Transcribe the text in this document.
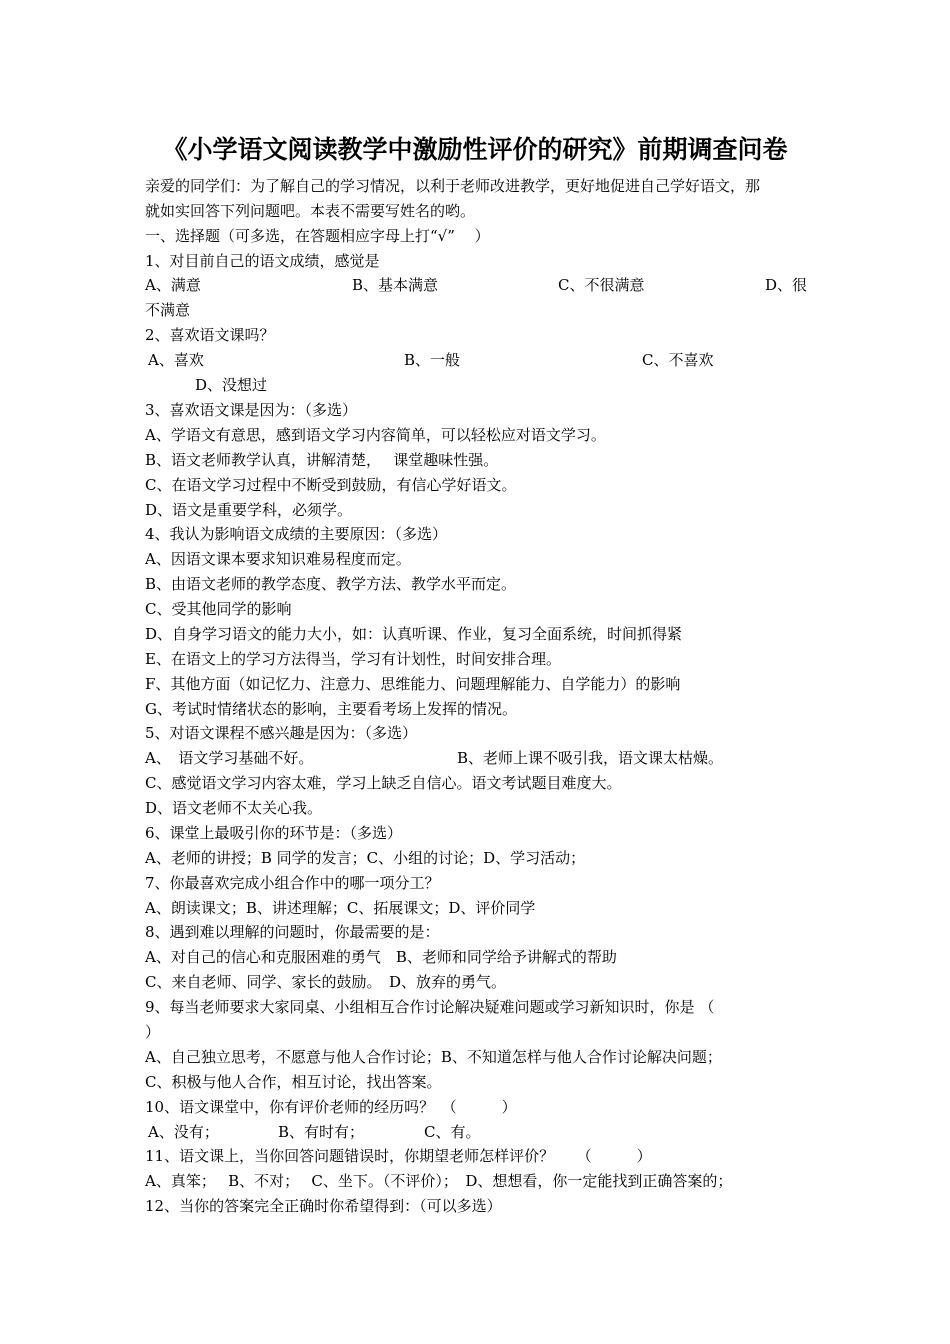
《小学语文阅读教学中激励性评价的研究》前期调查问卷
亲爱的同学们：为了解自己的学习情况，以利于老师改进教学，更好地促进自己学好语文，那
就如实回答下列问题吧。本表不需要写姓名的哟。
一、选择题（可多选，在答题相应字母上打“√”　 ）
1、对目前自己的语文成绩，感觉是
A、满意	B、基本满意	C、不很满意	D、很
不满意
2、喜欢语文课吗？
A、喜欢	B、一般	C、不喜欢
D、没想过
3、喜欢语文课是因为：（多选）
A、学语文有意思，感到语文学习内容简单，可以轻松应对语文学习。
B、语文老师教学认真，讲解清楚，　 课堂趣味性强。
C、在语文学习过程中不断受到鼓励，有信心学好语文。
D、语文是重要学科，必须学。
4、我认为影响语文成绩的主要原因：（多选）
A、因语文课本要求知识难易程度而定。
B、由语文老师的教学态度、教学方法、教学水平而定。
C、受其他同学的影响
D、自身学习语文的能力大小，如：认真听课、作业，复习全面系统，时间抓得紧
E、在语文上的学习方法得当，学习有计划性，时间安排合理。
F、其他方面（如记忆力、注意力、思维能力、问题理解能力、自学能力）的影响
G、考试时情绪状态的影响，主要看考场上发挥的情况。
5、对语文课程不感兴趣是因为：（多选）
A、　语文学习基础不好。	B、老师上课不吸引我，语文课太枯燥。
C、感觉语文学习内容太难，学习上缺乏自信心。语文考试题目难度大。
D、语文老师不太关心我。
6、课堂上最吸引你的环节是：（多选）
A、老师的讲授；B 同学的发言；C、小组的讨论；D、学习活动；
7、你最喜欢完成小组合作中的哪一项分工？
A、朗读课文；B、讲述理解；C、拓展课文；D、评价同学
8、遇到难以理解的问题时，你最需要的是：
A、对自己的信心和克服困难的勇气　B、老师和同学给予讲解式的帮助
C、来自老师、同学、家长的鼓励。　D、放弃的勇气。
9、每当老师要求大家同桌、小组相互合作讨论解决疑难问题或学习新知识时，你是 （
）
A、自己独立思考，不愿意与他人合作讨论；B、不知道怎样与他人合作讨论解决问题；
C、积极与他人合作，相互讨论，找出答案。
10、语文课堂中，你有评价老师的经历吗？　（　　　）
A、没有；	B、有时有；	C、有。
11、语文课上，当你回答问题错误时，你期望老师怎样评价？　　（　　　）
A、真笨；　 B、不对；　 C、坐下。（不评价）；　D、想想看，你一定能找到正确答案的；
12、当你的答案完全正确时你希望得到：（可以多选）
